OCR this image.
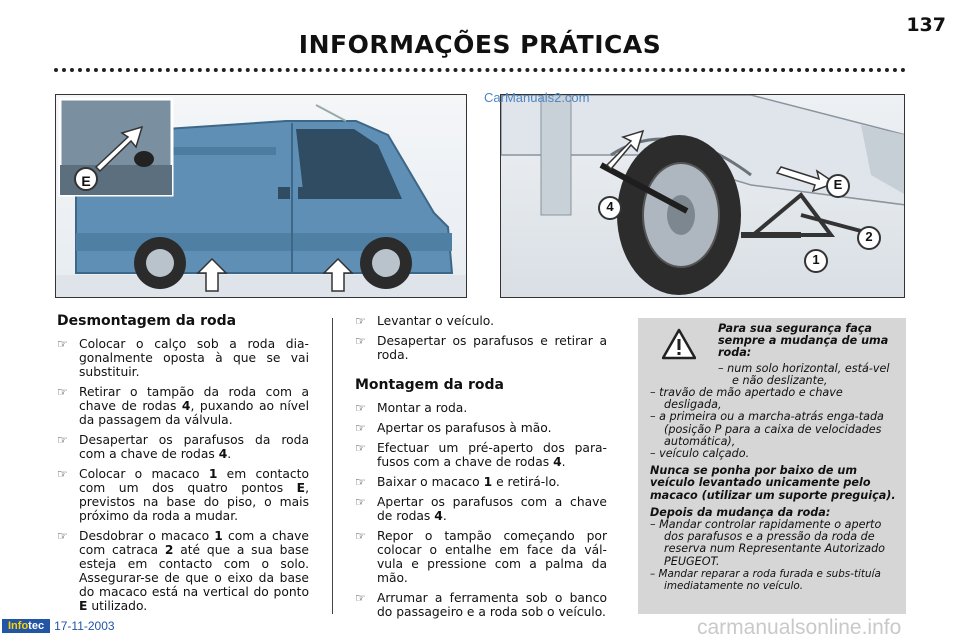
137
INFORMAÇÕES PRÁTICAS
E
4
E
2
1
CarManuals2.com
Desmontagem da roda
☞ Colocar o calço sob a roda dia-gonalmente oposta à que se vai substituir.
☞ Retirar o tampão da roda com a chave de rodas 4, puxando ao nível da passagem da válvula.
☞ Desapertar os parafusos da roda com a chave de rodas 4.
☞ Colocar o macaco 1 em contacto com um dos quatro pontos E, previstos na base do piso, o mais próximo da roda a mudar.
☞ Desdobrar o macaco 1 com a chave com catraca 2 até que a sua base esteja em contacto com o solo. Assegurar-se de que o eixo da base do macaco está na vertical do ponto E utilizado.
☞ Levantar o veículo.
☞ Desapertar os parafusos e retirar a roda.
Montagem da roda
☞ Montar a roda.
☞ Apertar os parafusos à mão.
☞ Efectuar um pré-aperto dos para-fusos com a chave de rodas 4.
☞ Baixar o macaco 1 e retirá-lo.
☞ Apertar os parafusos com a chave de rodas 4.
☞ Repor o tampão começando por colocar o entalhe em face da vál-vula e pressione com a palma da mão.
☞ Arrumar a ferramenta sob o banco do passageiro e a roda sob o veículo.
Para sua segurança faça sempre a mudança de uma roda:
– num solo horizontal, está-vel e não deslizante,
– travão de mão apertado e chave desligada,
– a primeira ou a marcha-atrás enga-tada (posição P para a caixa de velocidades automática),
– veículo calçado.
Nunca se ponha por baixo de um veículo levantado unicamente pelo macaco (utilizar um suporte preguiça).
Depois da mudança da roda:
– Mandar controlar rapidamente o aperto dos parafusos e a pressão da roda de reserva num Representante Autorizado PEUGEOT.
– Mandar reparar a roda furada e subs-tituía imediatamente no veículo.
carmanualsonline.info
Infotec 17-11-2003
